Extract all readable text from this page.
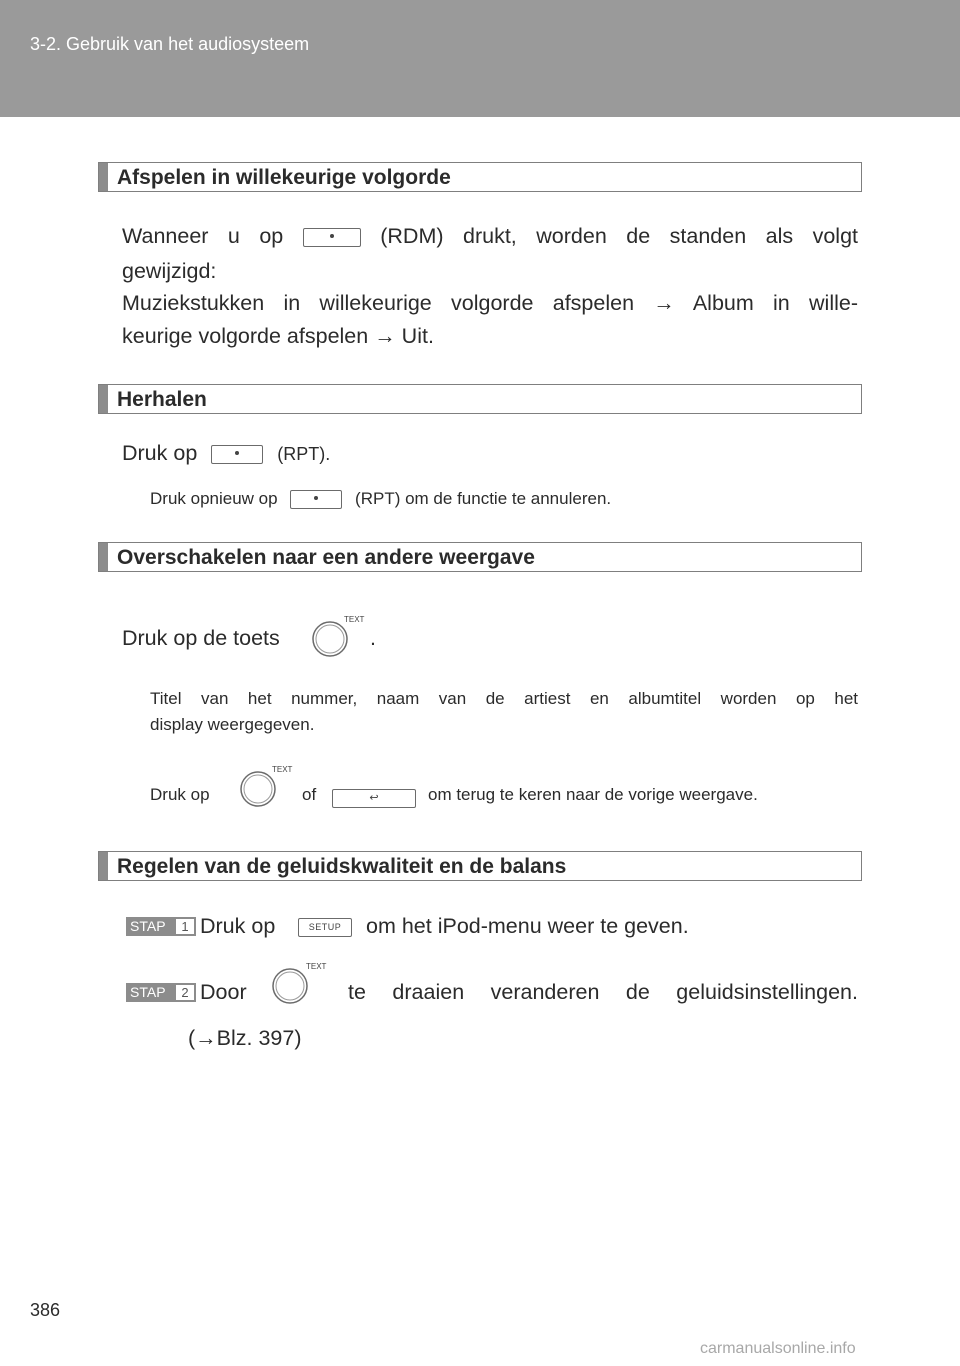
3-2. Gebruik van het audiosysteem
Afspelen in willekeurige volgorde
Wanneer u op	(RDM) drukt, worden de standen als volgt
gewijzigd:
Muziekstukken in willekeurige volgorde afspelen → Album in wille-
keurige volgorde afspelen → Uit.
Herhalen
Druk op	(RPT).
Druk opnieuw op	(RPT) om de functie te annuleren.
Overschakelen naar een andere weergave
Druk op de toets
TEXT
.
Titel van het nummer, naam van de artiest en albumtitel worden op het
display weergegeven.
Druk op
TEXT
of	↩	om terug te keren naar de vorige weergave.
Regelen van de geluidskwaliteit en de balans
STAP	1 Druk op	SETUP	om het iPod-menu weer te geven.
STAP	2 Door
TEXT
te draaien veranderen de geluidsinstellingen.
(→Blz. 397)
386
carmanualsonline.info
